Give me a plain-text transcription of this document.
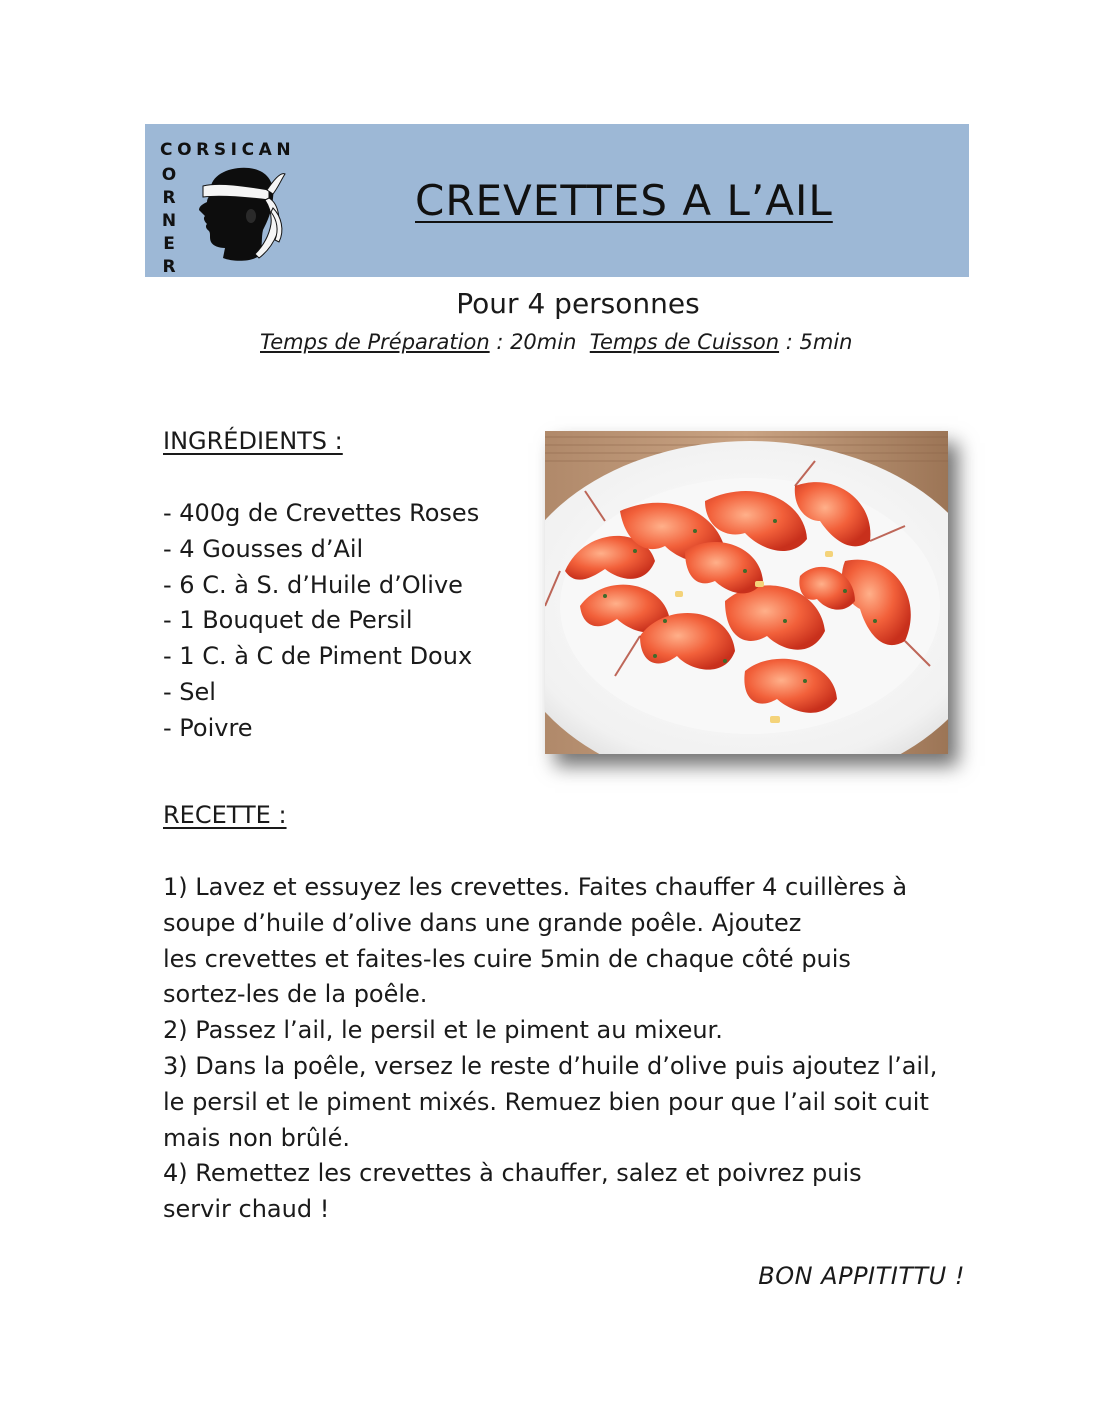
CORSICAN
O
R
N
E
R
CREVETTES A L’AIL
Pour 4 personnes
Temps de Préparation : 20min  Temps de Cuisson : 5min
INGRÉDIENTS :
- 400g de Crevettes Roses
- 4 Gousses d’Ail
- 6 C. à S. d’Huile d’Olive
- 1 Bouquet de Persil
- 1 C. à C de Piment Doux
- Sel
- Poivre
RECETTE :
1) Lavez et essuyez les crevettes. Faites chauffer 4 cuillères à
soupe d’huile d’olive dans une grande poêle. Ajoutez
les crevettes et faites-les cuire 5min de chaque côté puis
sortez-les de la poêle.
2) Passez l’ail, le persil et le piment au mixeur.
3) Dans la poêle, versez le reste d’huile d’olive puis ajoutez l’ail,
le persil et le piment mixés. Remuez bien pour que l’ail soit cuit
mais non brûlé.
4) Remettez les crevettes à chauffer, salez et poivrez puis
servir chaud !
BON APPITITTU !
